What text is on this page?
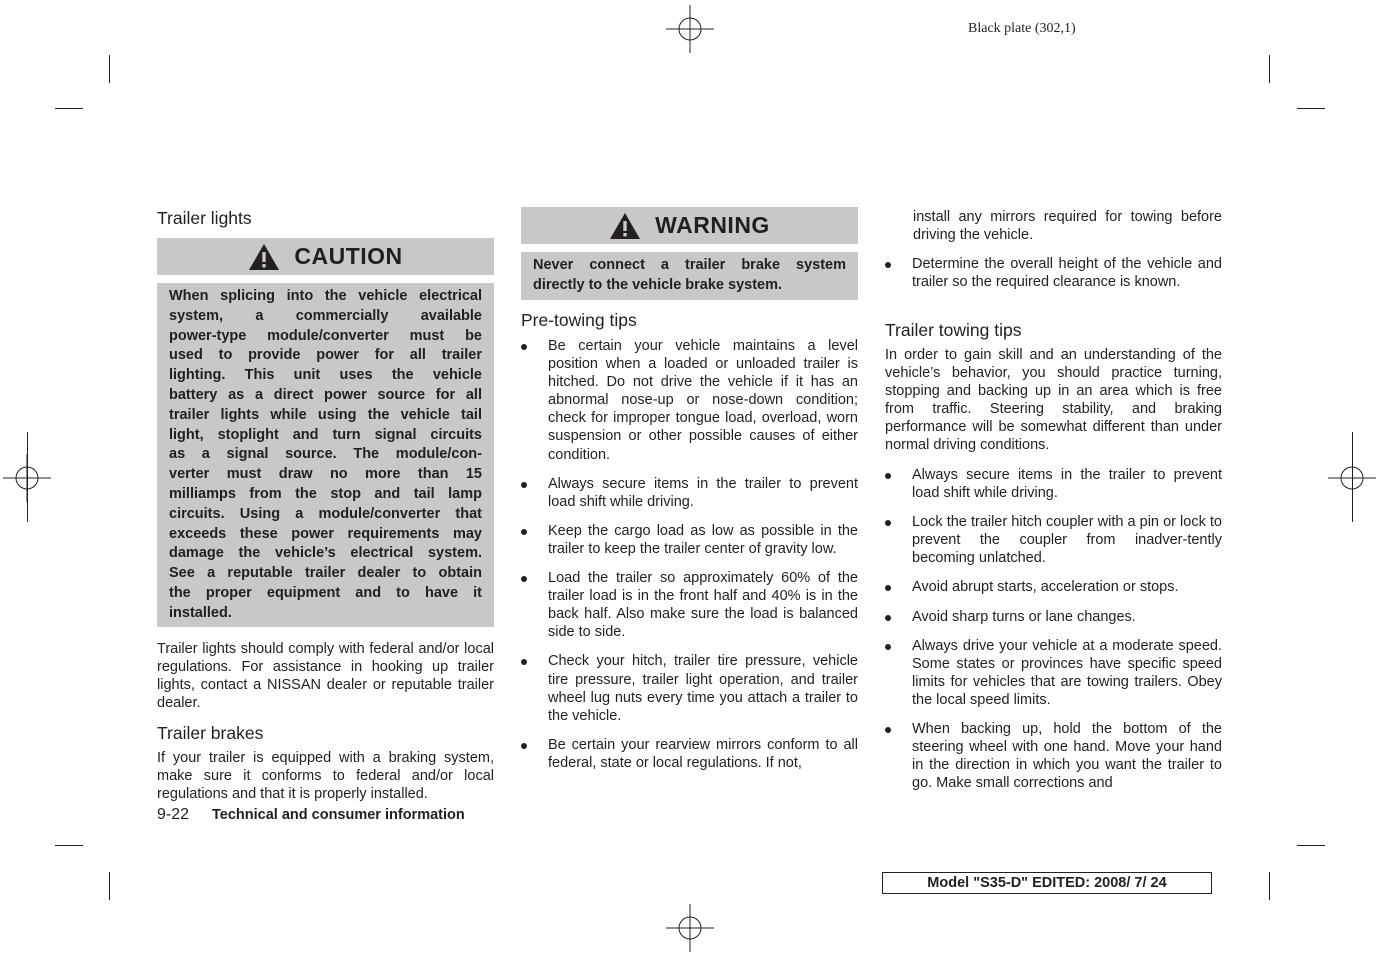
Black plate (302,1)
Trailer lights
CAUTION
When splicing into the vehicle electrical
system, a commercially available
power-type module/converter must be
used to provide power for all trailer
lighting. This unit uses the vehicle
battery as a direct power source for all
trailer lights while using the vehicle tail
light, stoplight and turn signal circuits
as a signal source. The module/con-
verter must draw no more than 15
milliamps from the stop and tail lamp
circuits. Using a module/converter that
exceeds these power requirements may
damage the vehicle’s electrical system.
See a reputable trailer dealer to obtain
the proper equipment and to have it
installed.
Trailer lights should comply with federal and/or local regulations. For assistance in hooking up trailer lights, contact a NISSAN dealer or reputable trailer dealer.
Trailer brakes
If your trailer is equipped with a braking system, make sure it conforms to federal and/or local regulations and that it is properly installed.
WARNING
Never connect a trailer brake system
directly to the vehicle brake system.
Pre-towing tips
Be certain your vehicle maintains a level position when a loaded or unloaded trailer is hitched. Do not drive the vehicle if it has an abnormal nose-up or nose-down condition; check for improper tongue load, overload, worn suspension or other possible causes of either condition.
Always secure items in the trailer to prevent load shift while driving.
Keep the cargo load as low as possible in the trailer to keep the trailer center of gravity low.
Load the trailer so approximately 60% of the trailer load is in the front half and 40% is in the back half. Also make sure the load is balanced side to side.
Check your hitch, trailer tire pressure, vehicle tire pressure, trailer light operation, and trailer wheel lug nuts every time you attach a trailer to the vehicle.
Be certain your rearview mirrors conform to all federal, state or local regulations. If not,
install any mirrors required for towing before driving the vehicle.
Determine the overall height of the vehicle and trailer so the required clearance is known.
Trailer towing tips
In order to gain skill and an understanding of the vehicle’s behavior, you should practice turning, stopping and backing up in an area which is free from traffic. Steering stability, and braking performance will be somewhat different than under normal driving conditions.
Always secure items in the trailer to prevent load shift while driving.
Lock the trailer hitch coupler with a pin or lock to prevent the coupler from inadver-tently becoming unlatched.
Avoid abrupt starts, acceleration or stops.
Avoid sharp turns or lane changes.
Always drive your vehicle at a moderate speed. Some states or provinces have specific speed limits for vehicles that are towing trailers. Obey the local speed limits.
When backing up, hold the bottom of the steering wheel with one hand. Move your hand in the direction in which you want the trailer to go. Make small corrections and
9-22 Technical and consumer information
Model "S35-D" EDITED: 2008/ 7/ 24
